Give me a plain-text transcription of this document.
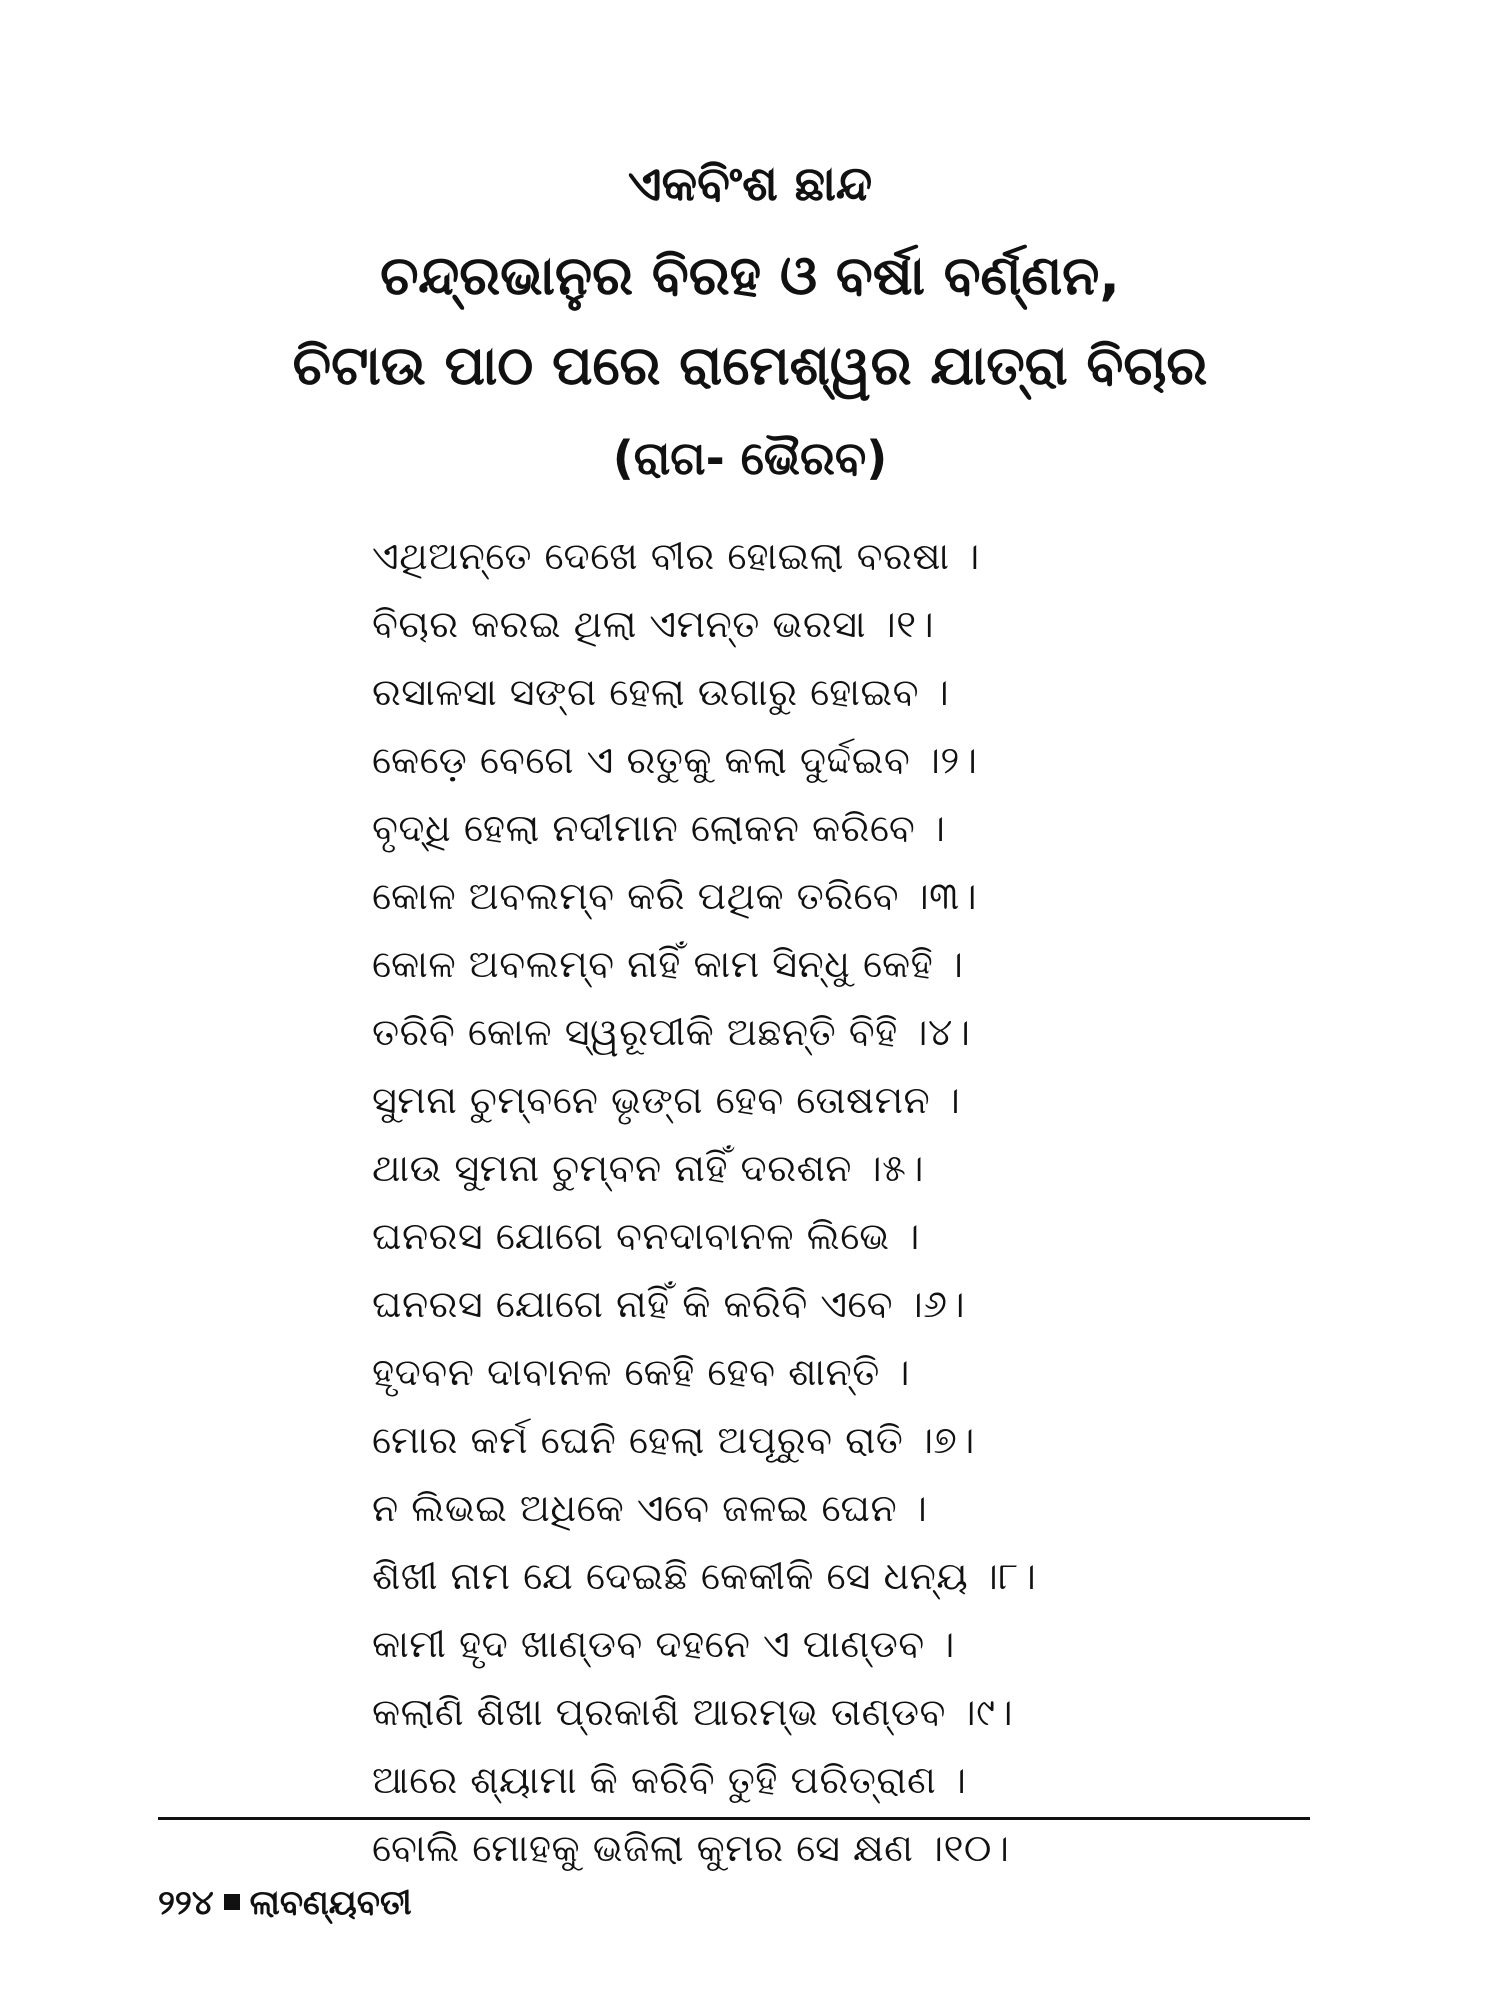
ଏକବିଂଶ ଛାନ୍ଦ
ଚନ୍ଦ୍ରଭାନୁର ବିରହ ଓ ବର୍ଷା ବର୍ଣ୍ଣନ,
ଚିଟାଉ ପାଠ ପରେ ରାମେଶ୍ୱର ଯାତ୍ରା ବିଚାର
(ରାଗ- ଭୈରବ)
ଏଥିଅନ୍ତେ ଦେଖେ ବୀର ହୋଇଲା ବରଷା ।
ବିଚାର କରଇ ଥିଲା ଏମନ୍ତ ଭରସା ।୧।
ରସାଳସା ସଙ୍ଗ ହେଲା ଉଗାରୁ ହୋଇବ ।
କେଡ଼େ ବେଗେ ଏ ରତୁକୁ କଲା ଦୁର୍ଦ୍ଦଇବ ।୨।
ବୃଦ୍ଧି ହେଲା ନଦୀମାନ ଲୋକନ କରିବେ ।
କୋଳ ଅବଲମ୍ବ କରି ପଥିକ ତରିବେ ।୩।
କୋଳ ଅବଲମ୍ବ ନାହିଁ କାମ ସିନ୍ଧୁ କେହି ।
ତରିବି କୋଳ ସ୍ୱରୂପୀକି ଅଛନ୍ତି ବିହି ।୪।
ସୁମନା ଚୁମ୍ବନେ ଭୃଙ୍ଗ ହେବ ତୋଷମନ ।
ଥାଉ ସୁମନା ଚୁମ୍ବନ ନାହିଁ ଦରଶନ ।୫।
ଘନରସ ଯୋଗେ ବନଦାବାନଳ ଲିଭେ ।
ଘନରସ ଯୋଗେ ନାହିଁ କି କରିବି ଏବେ ।୬।
ହୃଦବନ ଦାବାନଳ କେହି ହେବ ଶାନ୍ତି ।
ମୋର କର୍ମ ଘେନି ହେଲା ଅପୂରୁବ ରାତି ।୭।
ନ ଲିଭଇ ଅଧିକେ ଏବେ ଜଳଇ ଘେନ ।
ଶିଖୀ ନାମ ଯେ ଦେଇଛି କେକୀକି ସେ ଧନ୍ୟ ।୮।
କାମୀ ହୃଦ ଖାଣ୍ଡବ ଦହନେ ଏ ପାଣ୍ଡବ ।
କଲାଣି ଶିଖା ପ୍ରକାଶି ଆରମ୍ଭ ତାଣ୍ଡବ ।୯।
ଆରେ ଶ୍ୟାମା କି କରିବି ତୁହି ପରିତ୍ରାଣ ।
ବୋଲି ମୋହକୁ ଭଜିଲା କୁମର ସେ କ୍ଷଣ ।୧୦।
୨୨୪ ଲାବଣ୍ୟବତୀ
